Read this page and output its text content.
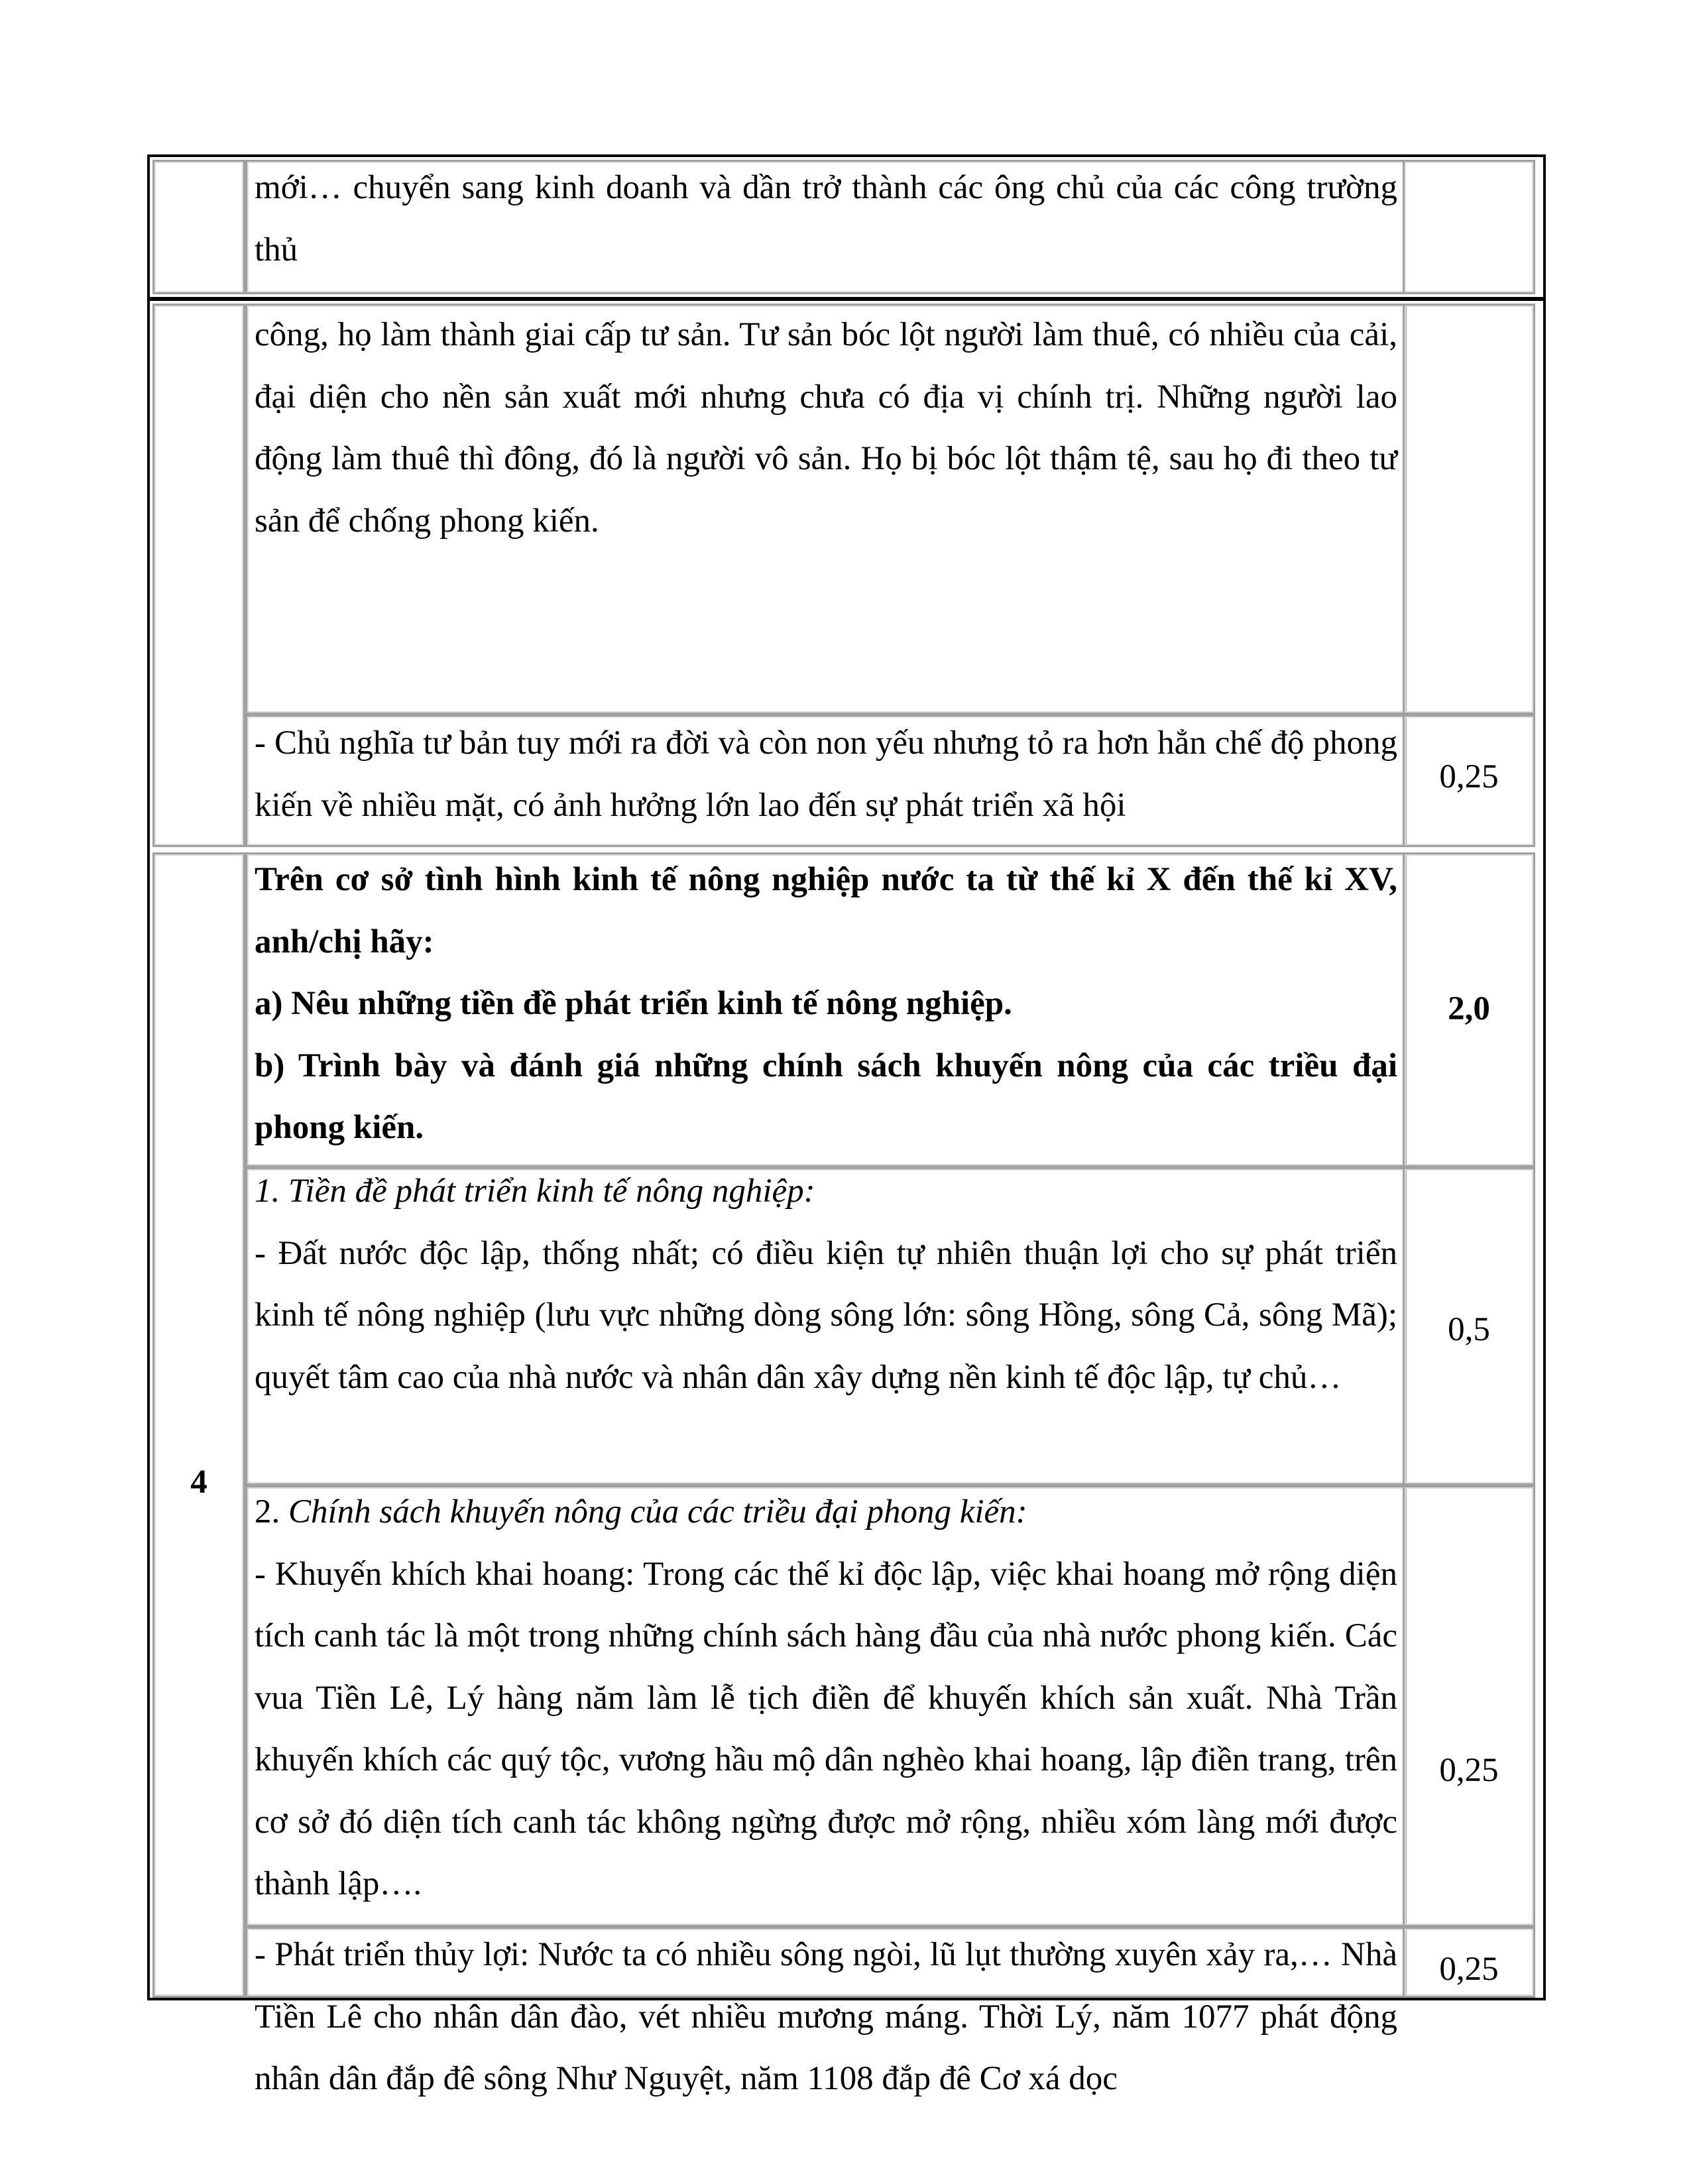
mới… chuyển sang kinh doanh và dần trở thành các ông chủ của các công trường thủ
công, họ làm thành giai cấp tư sản. Tư sản bóc lột người làm thuê, có nhiều của cải, đại diện cho nền sản xuất mới nhưng chưa có địa vị chính trị. Những người lao động làm thuê thì đông, đó là người vô sản. Họ bị bóc lột thậm tệ, sau họ đi theo tư sản để chống phong kiến.
- Chủ nghĩa tư bản tuy mới ra đời và còn non yếu nhưng tỏ ra hơn hẳn chế độ phong kiến về nhiều mặt, có ảnh hưởng lớn lao đến sự phát triển xã hội
0,25
4

Trên cơ sở tình hình kinh tế nông nghiệp nước ta từ thế kỉ X đến thế kỉ XV, anh/chị hãy:

a) Nêu những tiền đề phát triển kinh tế nông nghiệp.

b) Trình bày và đánh giá những chính sách khuyến nông của các triều đại phong kiến.

2,0

1. Tiền đề phát triển kinh tế nông nghiệp:

- Đất nước độc lập, thống nhất; có điều kiện tự nhiên thuận lợi cho sự phát triển kinh tế nông nghiệp (lưu vực những dòng sông lớn: sông Hồng, sông Cả, sông Mã); quyết tâm cao của nhà nước và nhân dân xây dựng nền kinh tế độc lập, tự chủ…

0,5

2. Chính sách khuyến nông của các triều đại phong kiến:

- Khuyến khích khai hoang: Trong các thế kỉ độc lập, việc khai hoang mở rộng diện tích canh tác là một trong những chính sách hàng đầu của nhà nước phong kiến. Các vua Tiền Lê, Lý hàng năm làm lễ tịch điền để khuyến khích sản xuất. Nhà Trần khuyến khích các quý tộc, vương hầu mộ dân nghèo khai hoang, lập điền trang, trên cơ sở đó diện tích canh tác không ngừng được mở rộng, nhiều xóm làng mới được thành lập….

0,25
- Phát triển thủy lợi: Nước ta có nhiều sông ngòi, lũ lụt thường xuyên xảy ra,… Nhà Tiền Lê cho nhân dân đào, vét nhiều mương máng. Thời Lý, năm 1077 phát động nhân dân đắp đê sông Như Nguyệt, năm 1108 đắp đê Cơ xá dọc
0,25
